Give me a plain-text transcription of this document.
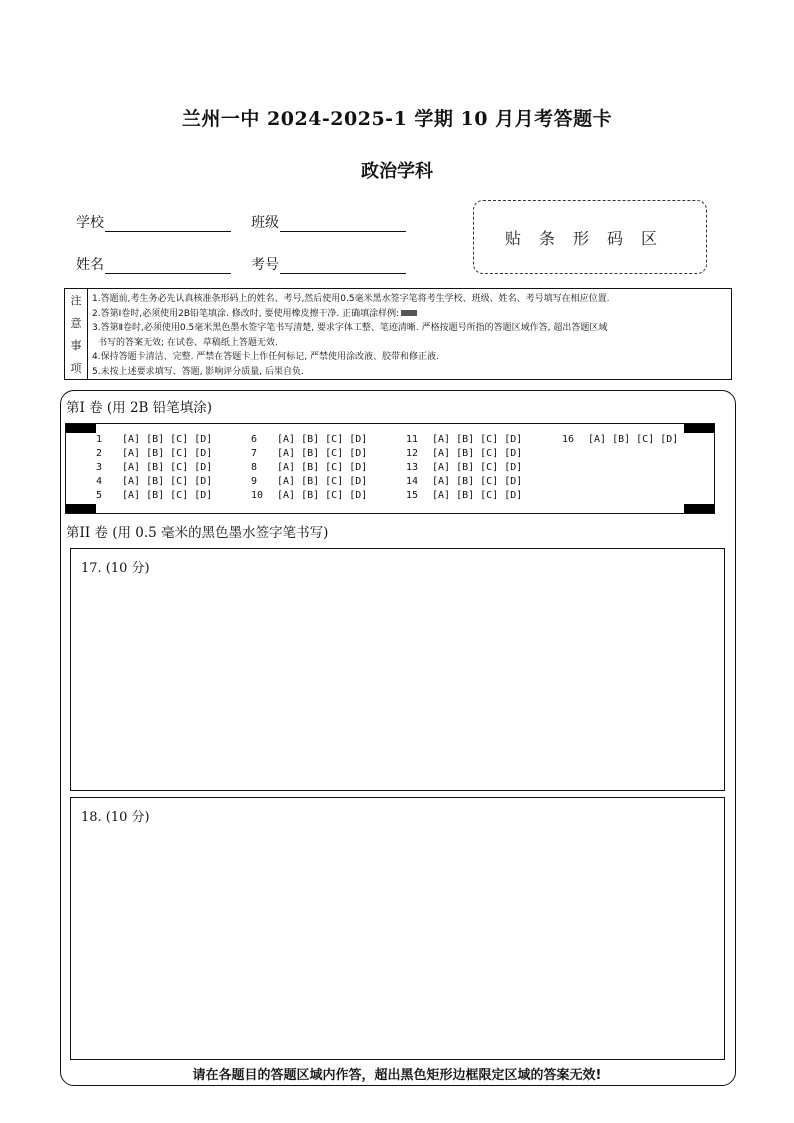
兰州一中 2024-2025-1 学期 10 月月考答题卡
政治学科
学校	班级
姓名	考号
贴条形码区
注
意
事
项
1.答题前,考生务必先认真核准条形码上的姓名、考号,然后使用0.5毫米黑水签字笔将考生学校、班级、姓名、考号填写在相应位置.
2.答第Ⅰ卷时,必须使用2B铅笔填涂. 修改时, 要使用橡皮擦干净. 正确填涂样例:
3.答第Ⅱ卷时,必须使用0.5毫米黑色墨水签字笔书写清楚, 要求字体工整、笔迹清晰. 严格按题号所指的答题区域作答, 超出答题区域
书写的答案无效; 在试卷、草稿纸上答题无效.
4.保持答题卡清洁、完整. 严禁在答题卡上作任何标记, 严禁使用涂改液、胶带和修正液.
5.未按上述要求填写、答题, 影响评分质量, 后果自负.
第I 卷 (用 2B 铅笔填涂)
1 [A] [B] [C] [D]
2 [A] [B] [C] [D]
3 [A] [B] [C] [D]
4 [A] [B] [C] [D]
5 [A] [B] [C] [D]
6 [A] [B] [C] [D]
7 [A] [B] [C] [D]
8 [A] [B] [C] [D]
9 [A] [B] [C] [D]
10 [A] [B] [C] [D]
11 [A] [B] [C] [D]
12 [A] [B] [C] [D]
13 [A] [B] [C] [D]
14 [A] [B] [C] [D]
15 [A] [B] [C] [D]
16 [A] [B] [C] [D]
第II 卷 (用 0.5 毫米的黑色墨水签字笔书写)
17. (10 分)
18. (10 分)
请在各题目的答题区域内作答，超出黑色矩形边框限定区域的答案无效!
